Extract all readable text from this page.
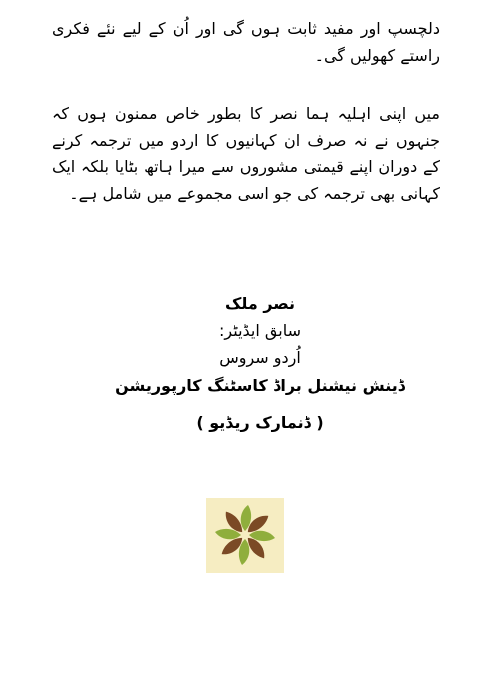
دلچسپ اور مفید ثابت ہوں گی اور اُن کے لیے نئے فکری راستے کھولیں گی۔

میں اپنی اہلیہ ہما نصر کا بطور خاص ممنون ہوں کہ جنہوں نے نہ صرف ان کہانیوں کا اردو میں ترجمہ کرنے کے دوران اپنے قیمتی مشوروں سے میرا ہاتھ بٹایا بلکہ ایک کہانی بھی ترجمہ کی جو اسی مجموعے میں شامل ہے۔

نصر ملک
سابق ایڈیٹر:
اُردو سروس
ڈینش نیشنل براڈ کاسٹنگ کارپوریشن
( ڈنمارک ریڈیو )
